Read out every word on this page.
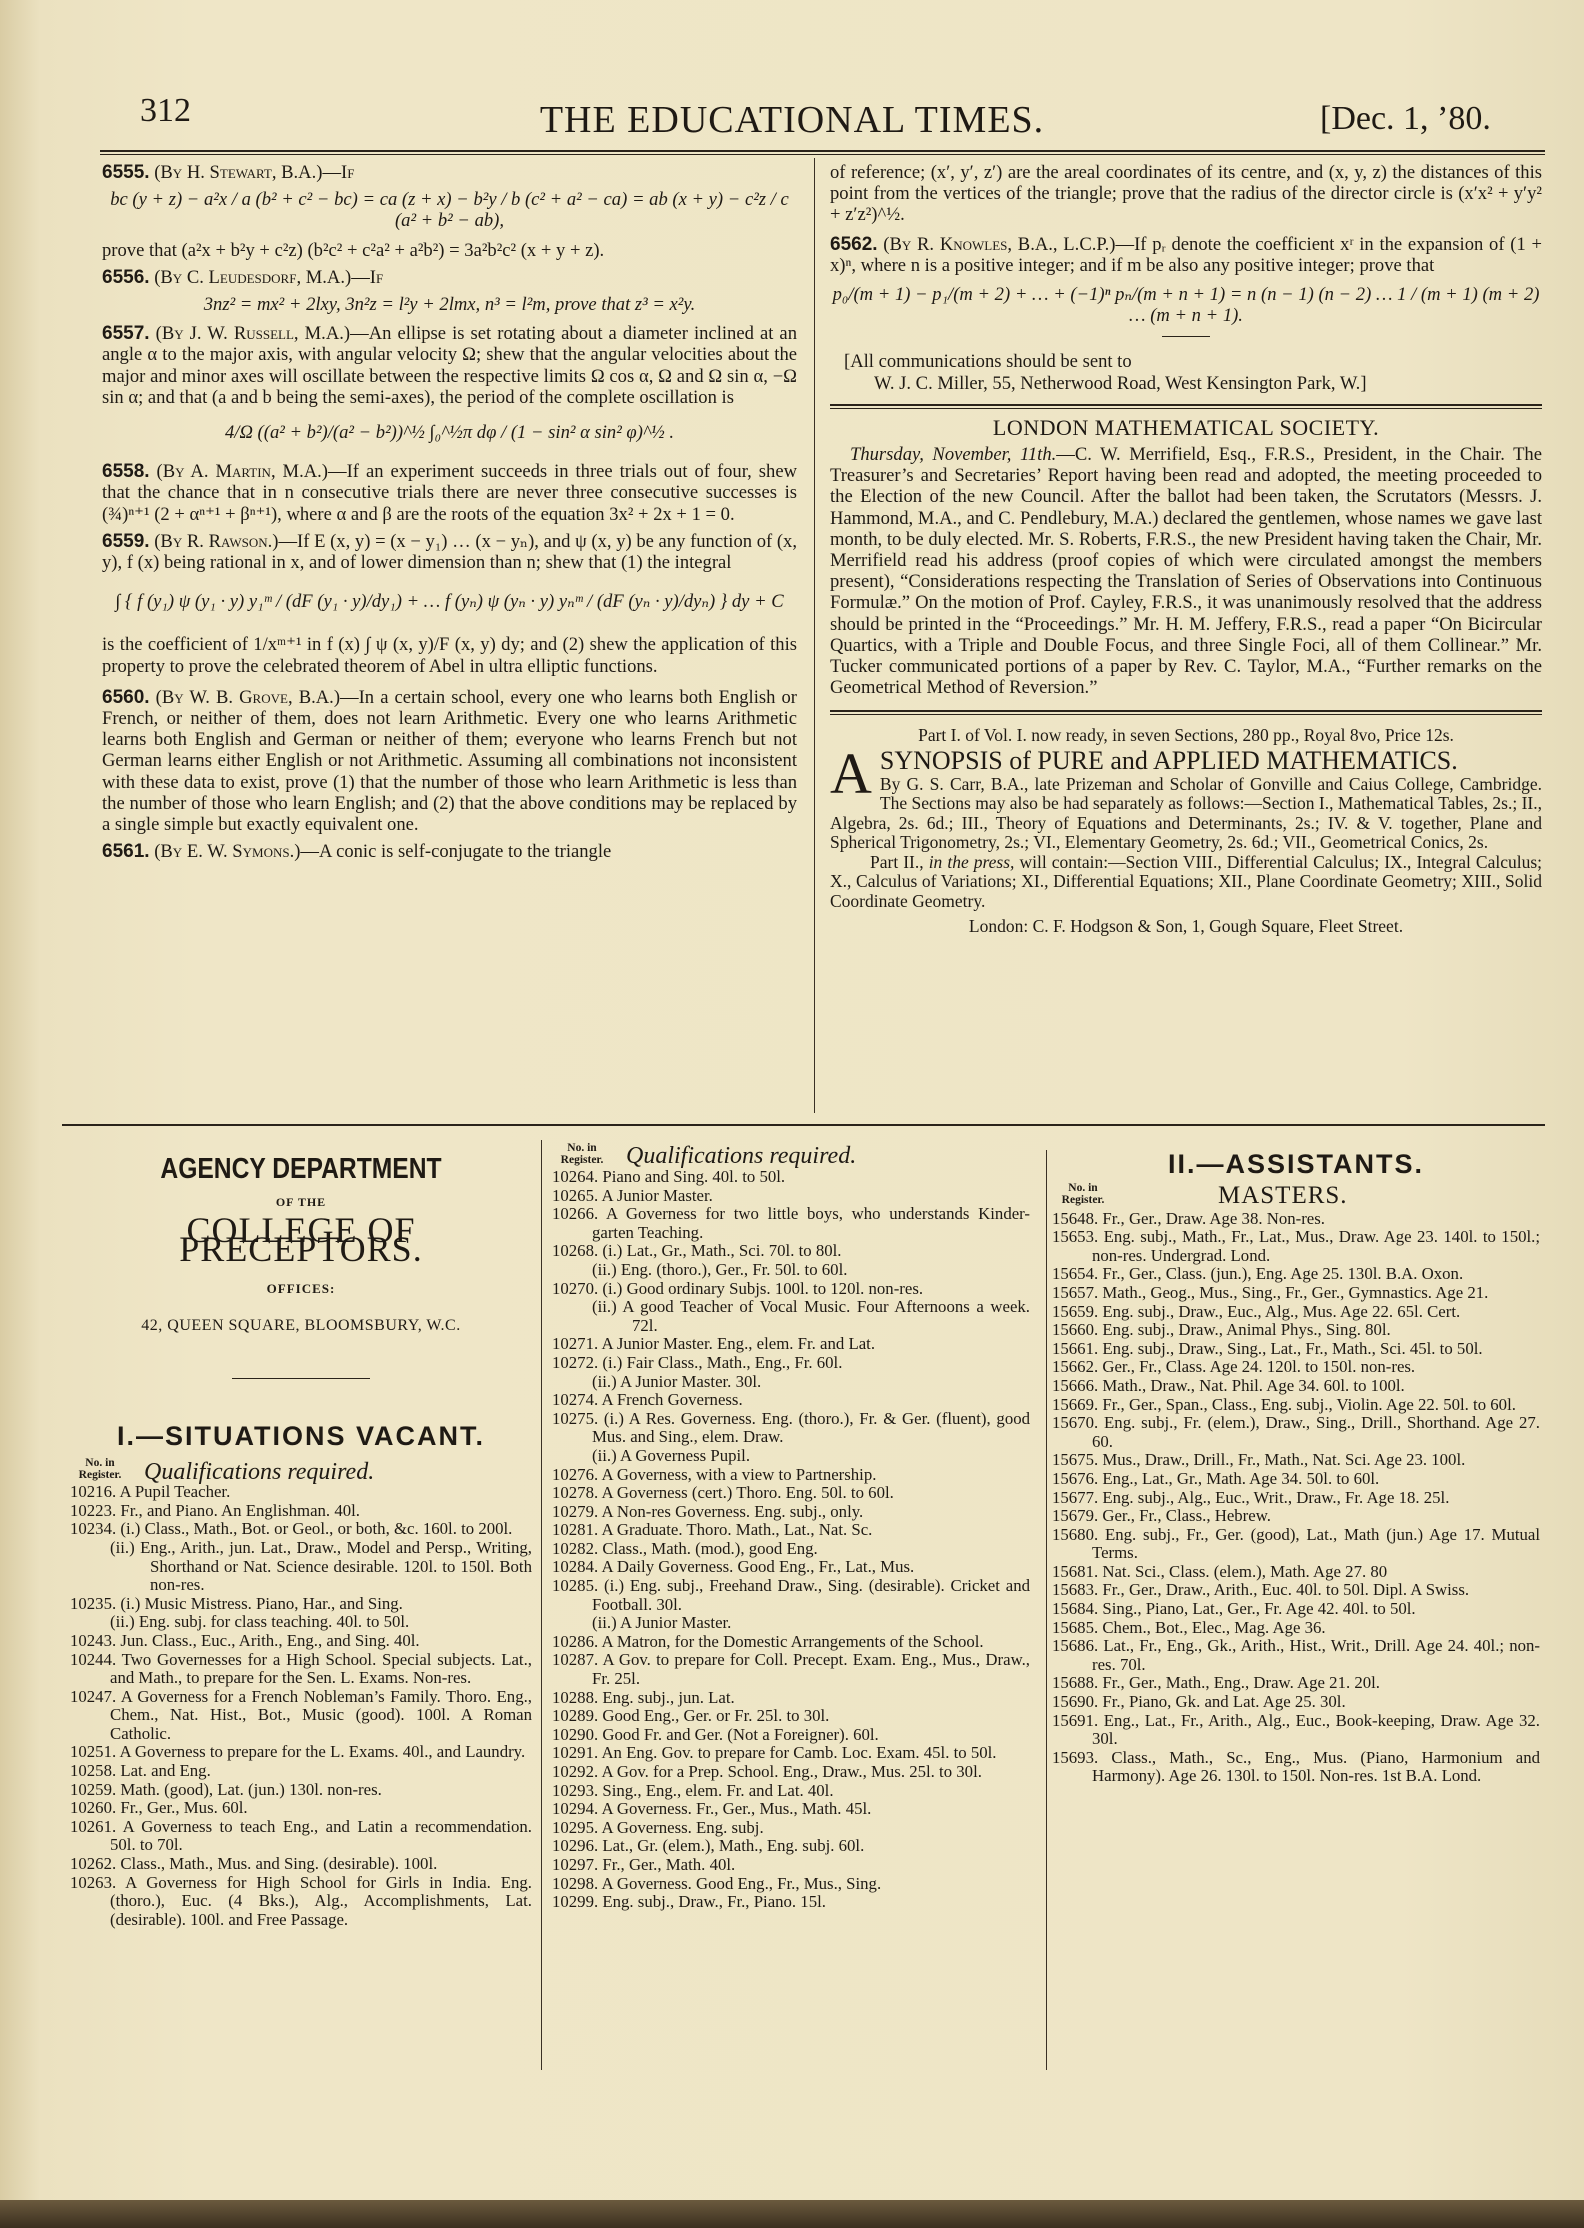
312	THE EDUCATIONAL TIMES.	[Dec. 1, ’80.

6555. (By H. Stewart, B.A.)—If

bc (y + z) − a²x / a (b² + c² − bc) = ca (z + x) − b²y / b (c² + a² − ca) = ab (x + y) − c²z / c (a² + b² − ab),

prove that (a²x + b²y + c²z) (b²c² + c²a² + a²b²) = 3a²b²c² (x + y + z).

6556. (By C. Leudesdorf, M.A.)—If

3nz² = mx² + 2lxy, 3n²z = l²y + 2lmx, n³ = l²m, prove that z³ = x²y.

6557. (By J. W. Russell, M.A.)—An ellipse is set rotating about a diameter inclined at an angle α to the major axis, with angular velocity Ω; shew that the angular velocities about the major and minor axes will oscillate between the respective limits Ω cos α, Ω and Ω sin α, −Ω sin α; and that (a and b being the semi-axes), the period of the complete oscillation is

4/Ω ((a² + b²)/(a² − b²))^½ ∫₀^½π dφ / (1 − sin² α sin² φ)^½ .

6558. (By A. Martin, M.A.)—If an experiment succeeds in three trials out of four, shew that the chance that in n consecutive trials there are never three consecutive successes is (¾)ⁿ⁺¹ (2 + αⁿ⁺¹ + βⁿ⁺¹), where α and β are the roots of the equation 3x² + 2x + 1 = 0.

6559. (By R. Rawson.)—If E (x, y) = (x − y₁) … (x − yₙ), and ψ (x, y) be any function of (x, y), f (x) being rational in x, and of lower dimension than n; shew that (1) the integral

∫ { f (y₁) ψ (y₁ · y) y₁ᵐ / (dF (y₁ · y)/dy₁) + … f (yₙ) ψ (yₙ · y) yₙᵐ / (dF (yₙ · y)/dyₙ) } dy + C

is the coefficient of 1/xᵐ⁺¹ in f (x) ∫ ψ (x, y)/F (x, y) dy; and (2) shew the application of this property to prove the celebrated theorem of Abel in ultra elliptic functions.

6560. (By W. B. Grove, B.A.)—In a certain school, every one who learns both English or French, or neither of them, does not learn Arithmetic. Every one who learns Arithmetic learns both English and German or neither of them; everyone who learns French but not German learns either English or not Arithmetic. Assuming all combinations not inconsistent with these data to exist, prove (1) that the number of those who learn Arithmetic is less than the number of those who learn English; and (2) that the above conditions may be replaced by a single simple but exactly equivalent one.

6561. (By E. W. Symons.)—A conic is self-conjugate to the triangle

of reference; (x′, y′, z′) are the areal coordinates of its centre, and (x, y, z) the distances of this point from the vertices of the triangle; prove that the radius of the director circle is (x′x² + y′y² + z′z²)^½.

6562. (By R. Knowles, B.A., L.C.P.)—If pᵣ denote the coefficient xʳ in the expansion of (1 + x)ⁿ, where n is a positive integer; and if m be also any positive integer; prove that

p₀/(m + 1) − p₁/(m + 2) + … + (−1)ⁿ pₙ/(m + n + 1) = n (n − 1) (n − 2) … 1 / (m + 1) (m + 2) … (m + n + 1).
[All communications should be sent to
W. J. C. Miller, 55, Netherwood Road, West Kensington Park, W.]
LONDON MATHEMATICAL SOCIETY.

Thursday, November, 11th.—C. W. Merrifield, Esq., F.R.S., President, in the Chair. The Treasurer’s and Secretaries’ Report having been read and adopted, the meeting proceeded to the Election of the new Council. After the ballot had been taken, the Scrutators (Messrs. J. Hammond, M.A., and C. Pendlebury, M.A.) declared the gentlemen, whose names we gave last month, to be duly elected. Mr. S. Roberts, F.R.S., the new President having taken the Chair, Mr. Merrifield read his address (proof copies of which were circulated amongst the members present), “Considerations respecting the Translation of Series of Observations into Continuous Formulæ.” On the motion of Prof. Cayley, F.R.S., it was unanimously resolved that the address should be printed in the “Proceedings.” Mr. H. M. Jeffery, F.R.S., read a paper “On Bicircular Quartics, with a Triple and Double Focus, and three Single Foci, all of them Collinear.” Mr. Tucker communicated portions of a paper by Rev. C. Taylor, M.A., “Further remarks on the Geometrical Method of Reversion.”

Part I. of Vol. I. now ready, in seven Sections, 280 pp., Royal 8vo, Price 12s.
A SYNOPSIS of PURE and APPLIED MATHEMATICS.
By G. S. Carr, B.A., late Prizeman and Scholar of Gonville and Caius College, Cambridge. The Sections may also be had separately as follows:—Section I., Mathematical Tables, 2s.; II., Algebra, 2s. 6d.; III., Theory of Equations and Determinants, 2s.; IV. & V. together, Plane and Spherical Trigonometry, 2s.; VI., Elementary Geometry, 2s. 6d.; VII., Geometrical Conics, 2s.
Part II., in the press, will contain:—Section VIII., Differential Calculus; IX., Integral Calculus; X., Calculus of Variations; XI., Differential Equations; XII., Plane Coordinate Geometry; XIII., Solid Coordinate Geometry.
London: C. F. Hodgson & Son, 1, Gough Square, Fleet Street.
AGENCY DEPARTMENT
OF THE
COLLEGE OF PRECEPTORS.
OFFICES:
42, QUEEN SQUARE, BLOOMSBURY, W.C.
I.—SITUATIONS VACANT.
No. in Register. Qualifications required.
10216. A Pupil Teacher.
10223. Fr., and Piano. An Englishman. 40l.
10234. (i.) Class., Math., Bot. or Geol., or both, &c. 160l. to 200l.
(ii.) Eng., Arith., jun. Lat., Draw., Model and Persp., Writing, Shorthand or Nat. Science desirable. 120l. to 150l. Both non-res.
10235. (i.) Music Mistress. Piano, Har., and Sing.
(ii.) Eng. subj. for class teaching. 40l. to 50l.
10243. Jun. Class., Euc., Arith., Eng., and Sing. 40l.
10244. Two Governesses for a High School. Special subjects. Lat., and Math., to prepare for the Sen. L. Exams. Non-res.
10247. A Governess for a French Nobleman’s Family. Thoro. Eng., Chem., Nat. Hist., Bot., Music (good). 100l. A Roman Catholic.
10251. A Governess to prepare for the L. Exams. 40l., and Laundry.
10258. Lat. and Eng.
10259. Math. (good), Lat. (jun.) 130l. non-res.
10260. Fr., Ger., Mus. 60l.
10261. A Governess to teach Eng., and Latin a recommendation. 50l. to 70l.
10262. Class., Math., Mus. and Sing. (desirable). 100l.
10263. A Governess for High School for Girls in India. Eng. (thoro.), Euc. (4 Bks.), Alg., Accomplishments, Lat. (desirable). 100l. and Free Passage.
No. in Register. Qualifications required.
10264. Piano and Sing. 40l. to 50l.
10265. A Junior Master.
10266. A Governess for two little boys, who understands Kinder-garten Teaching.
10268. (i.) Lat., Gr., Math., Sci. 70l. to 80l.
(ii.) Eng. (thoro.), Ger., Fr. 50l. to 60l.
10270. (i.) Good ordinary Subjs. 100l. to 120l. non-res.
(ii.) A good Teacher of Vocal Music. Four Afternoons a week. 72l.
10271. A Junior Master. Eng., elem. Fr. and Lat.
10272. (i.) Fair Class., Math., Eng., Fr. 60l.
(ii.) A Junior Master. 30l.
10274. A French Governess.
10275. (i.) A Res. Governess. Eng. (thoro.), Fr. & Ger. (fluent), good Mus. and Sing., elem. Draw.
(ii.) A Governess Pupil.
10276. A Governess, with a view to Partnership.
10278. A Governess (cert.) Thoro. Eng. 50l. to 60l.
10279. A Non-res Governess. Eng. subj., only.
10281. A Graduate. Thoro. Math., Lat., Nat. Sc.
10282. Class., Math. (mod.), good Eng.
10284. A Daily Governess. Good Eng., Fr., Lat., Mus.
10285. (i.) Eng. subj., Freehand Draw., Sing. (desirable). Cricket and Football. 30l.
(ii.) A Junior Master.
10286. A Matron, for the Domestic Arrangements of the School.
10287. A Gov. to prepare for Coll. Precept. Exam. Eng., Mus., Draw., Fr. 25l.
10288. Eng. subj., jun. Lat.
10289. Good Eng., Ger. or Fr. 25l. to 30l.
10290. Good Fr. and Ger. (Not a Foreigner). 60l.
10291. An Eng. Gov. to prepare for Camb. Loc. Exam. 45l. to 50l.
10292. A Gov. for a Prep. School. Eng., Draw., Mus. 25l. to 30l.
10293. Sing., Eng., elem. Fr. and Lat. 40l.
10294. A Governess. Fr., Ger., Mus., Math. 45l.
10295. A Governess. Eng. subj.
10296. Lat., Gr. (elem.), Math., Eng. subj. 60l.
10297. Fr., Ger., Math. 40l.
10298. A Governess. Good Eng., Fr., Mus., Sing.
10299. Eng. subj., Draw., Fr., Piano. 15l.
II.—ASSISTANTS.
No. in Register.	MASTERS.
15648. Fr., Ger., Draw. Age 38. Non-res.
15653. Eng. subj., Math., Fr., Lat., Mus., Draw. Age 23. 140l. to 150l.; non-res. Undergrad. Lond.
15654. Fr., Ger., Class. (jun.), Eng. Age 25. 130l. B.A. Oxon.
15657. Math., Geog., Mus., Sing., Fr., Ger., Gymnastics. Age 21.
15659. Eng. subj., Draw., Euc., Alg., Mus. Age 22. 65l. Cert.
15660. Eng. subj., Draw., Animal Phys., Sing. 80l.
15661. Eng. subj., Draw., Sing., Lat., Fr., Math., Sci. 45l. to 50l.
15662. Ger., Fr., Class. Age 24. 120l. to 150l. non-res.
15666. Math., Draw., Nat. Phil. Age 34. 60l. to 100l.
15669. Fr., Ger., Span., Class., Eng. subj., Violin. Age 22. 50l. to 60l.
15670. Eng. subj., Fr. (elem.), Draw., Sing., Drill., Shorthand. Age 27. 60.
15675. Mus., Draw., Drill., Fr., Math., Nat. Sci. Age 23. 100l.
15676. Eng., Lat., Gr., Math. Age 34. 50l. to 60l.
15677. Eng. subj., Alg., Euc., Writ., Draw., Fr. Age 18. 25l.
15679. Ger., Fr., Class., Hebrew.
15680. Eng. subj., Fr., Ger. (good), Lat., Math (jun.) Age 17. Mutual Terms.
15681. Nat. Sci., Class. (elem.), Math. Age 27. 80
15683. Fr., Ger., Draw., Arith., Euc. 40l. to 50l. Dipl. A Swiss.
15684. Sing., Piano, Lat., Ger., Fr. Age 42. 40l. to 50l.
15685. Chem., Bot., Elec., Mag. Age 36.
15686. Lat., Fr., Eng., Gk., Arith., Hist., Writ., Drill. Age 24. 40l.; non-res. 70l.
15688. Fr., Ger., Math., Eng., Draw. Age 21. 20l.
15690. Fr., Piano, Gk. and Lat. Age 25. 30l.
15691. Eng., Lat., Fr., Arith., Alg., Euc., Book-keeping, Draw. Age 32. 30l.
15693. Class., Math., Sc., Eng., Mus. (Piano, Harmonium and Harmony). Age 26. 130l. to 150l. Non-res. 1st B.A. Lond.
